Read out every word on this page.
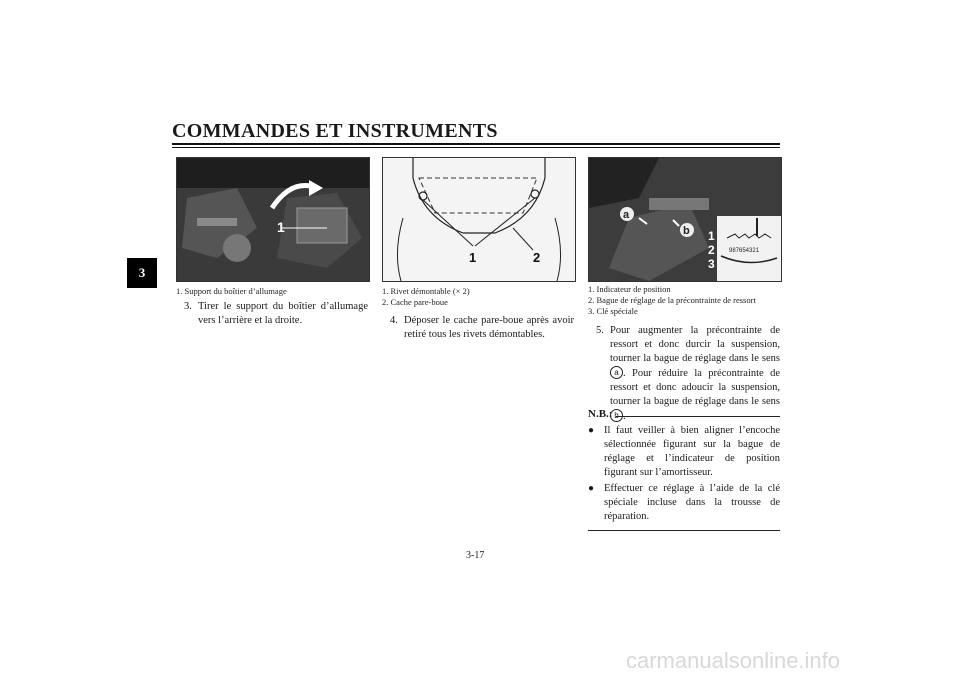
COMMANDES ET INSTRUMENTS
3
1
1. Support du boîtier d’allumage
3. Tirer le support du boîtier d’allumage vers l’arrière et la droite.
1	2
1. Rivet démontable (× 2)
2. Cache pare-boue
4. Déposer le cache pare-boue après avoir retiré tous les rivets démontables.
987654321
a
b 1
2
3
1. Indicateur de position
2. Bague de réglage de la précontrainte de ressort
3. Clé spéciale
5. Pour augmenter la précontrainte de ressort et donc durcir la suspension, tourner la bague de réglage dans le sens a . Pour réduire la précontrainte de ressort et donc adoucir la suspension, tourner la bague de réglage dans le sens b .
N.B.:
● Il faut veiller à bien aligner l’encoche sélectionnée figurant sur la bague de réglage et l’indicateur de position figurant sur l’amortisseur.
● Effectuer ce réglage à l’aide de la clé spéciale incluse dans la trousse de réparation.
3-17
carmanualsonline.info
